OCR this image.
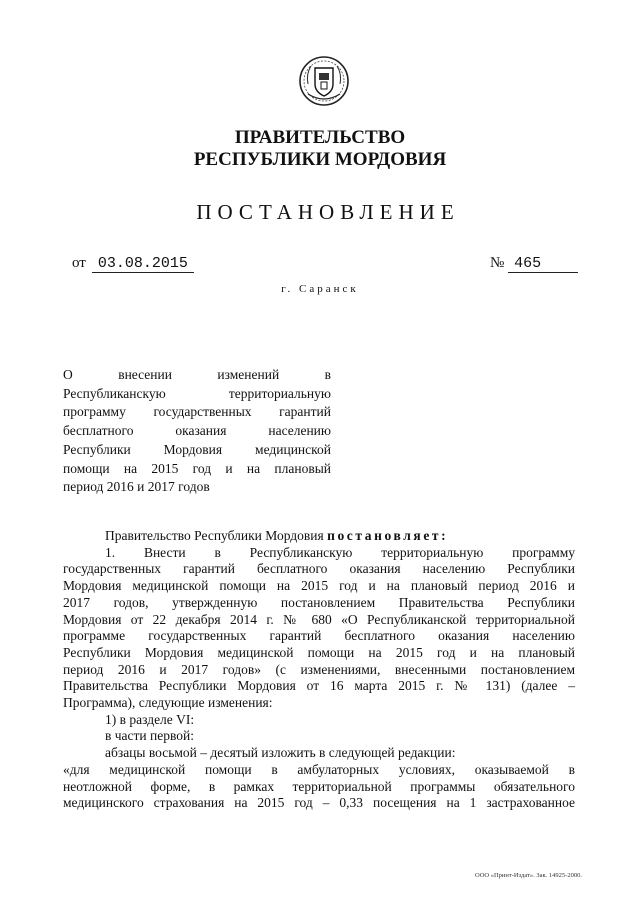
ПРАВИТЕЛЬСТВО
РЕСПУБЛИКИ МОРДОВИЯ
ПОСТАНОВЛЕНИЕ
от 03.08.2015	№ 465
г. Саранск
О внесении изменений в
Республиканскую территориальную
программу государственных гарантий
бесплатного оказания населению
Республики Мордовия медицинской
помощи на 2015 год и на плановый
период 2016 и 2017 годов
Правительство Республики Мордовия постановляет:
1. Внести в Республиканскую территориальную программу
государственных гарантий бесплатного оказания населению Республики
Мордовия медицинской помощи на 2015 год и на плановый период 2016 и
2017 годов, утвержденную постановлением Правительства Республики
Мордовия от 22 декабря 2014 г. № 680 «О Республиканской территориальной
программе государственных гарантий бесплатного оказания населению
Республики Мордовия медицинской помощи на 2015 год и на плановый
период 2016 и 2017 годов» (с изменениями, внесенными постановлением
Правительства Республики Мордовия от 16 марта 2015 г. № 131) (далее –
Программа), следующие изменения:
1) в разделе VI:
в части первой:
абзацы восьмой – десятый изложить в следующей редакции:
«для медицинской помощи в амбулаторных условиях, оказываемой в
неотложной форме, в рамках территориальной программы обязательного
медицинского страхования на 2015 год – 0,33 посещения на 1 застрахованное
ООО «Принт-Издат». Зак. 14925-2000.
